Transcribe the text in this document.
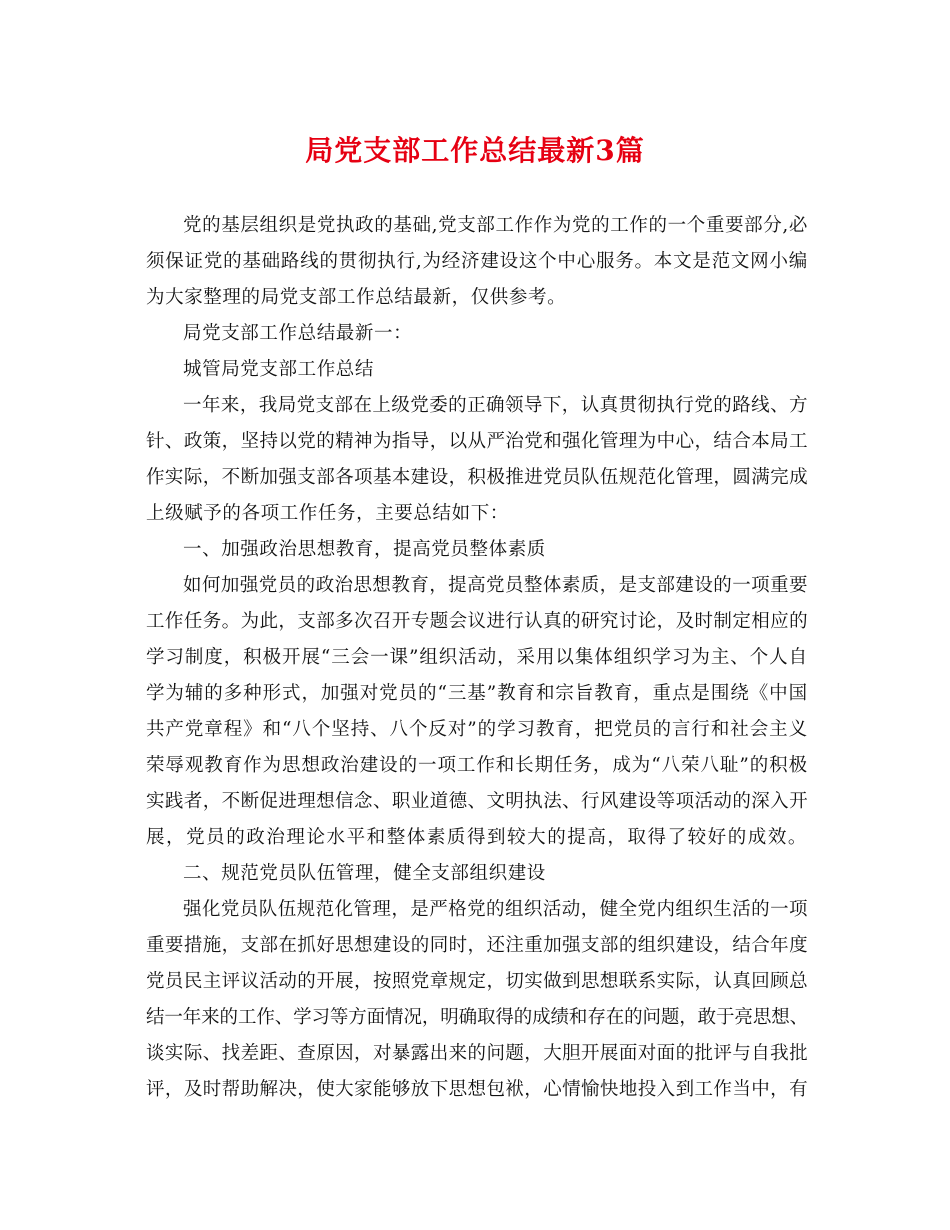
局党支部工作总结最新3篇
党的基层组织是党执政的基础,党支部工作作为党的工作的一个重要部分,必
须保证党的基础路线的贯彻执行,为经济建设这个中心服务。本文是范文网小编
为大家整理的局党支部工作总结最新，仅供参考。
局党支部工作总结最新一：
城管局党支部工作总结
一年来，我局党支部在上级党委的正确领导下，认真贯彻执行党的路线、方
针、政策，坚持以党的精神为指导，以从严治党和强化管理为中心，结合本局工
作实际，不断加强支部各项基本建设，积极推进党员队伍规范化管理，圆满完成
上级赋予的各项工作任务，主要总结如下：
一、加强政治思想教育，提高党员整体素质
如何加强党员的政治思想教育，提高党员整体素质，是支部建设的一项重要
工作任务。为此，支部多次召开专题会议进行认真的研究讨论，及时制定相应的
学习制度，积极开展“三会一课”组织活动，采用以集体组织学习为主、个人自
学为辅的多种形式，加强对党员的“三基”教育和宗旨教育，重点是围绕《中国
共产党章程》和“八个坚持、八个反对”的学习教育，把党员的言行和社会主义
荣辱观教育作为思想政治建设的一项工作和长期任务，成为“八荣八耻”的积极
实践者，不断促进理想信念、职业道德、文明执法、行风建设等项活动的深入开
展，党员的政治理论水平和整体素质得到较大的提高，取得了较好的成效。
二、规范党员队伍管理，健全支部组织建设
强化党员队伍规范化管理，是严格党的组织活动，健全党内组织生活的一项
重要措施，支部在抓好思想建设的同时，还注重加强支部的组织建设，结合年度
党员民主评议活动的开展，按照党章规定，切实做到思想联系实际，认真回顾总
结一年来的工作、学习等方面情况，明确取得的成绩和存在的问题，敢于亮思想、
谈实际、找差距、查原因，对暴露出来的问题，大胆开展面对面的批评与自我批
评，及时帮助解决，使大家能够放下思想包袱，心情愉快地投入到工作当中，有
